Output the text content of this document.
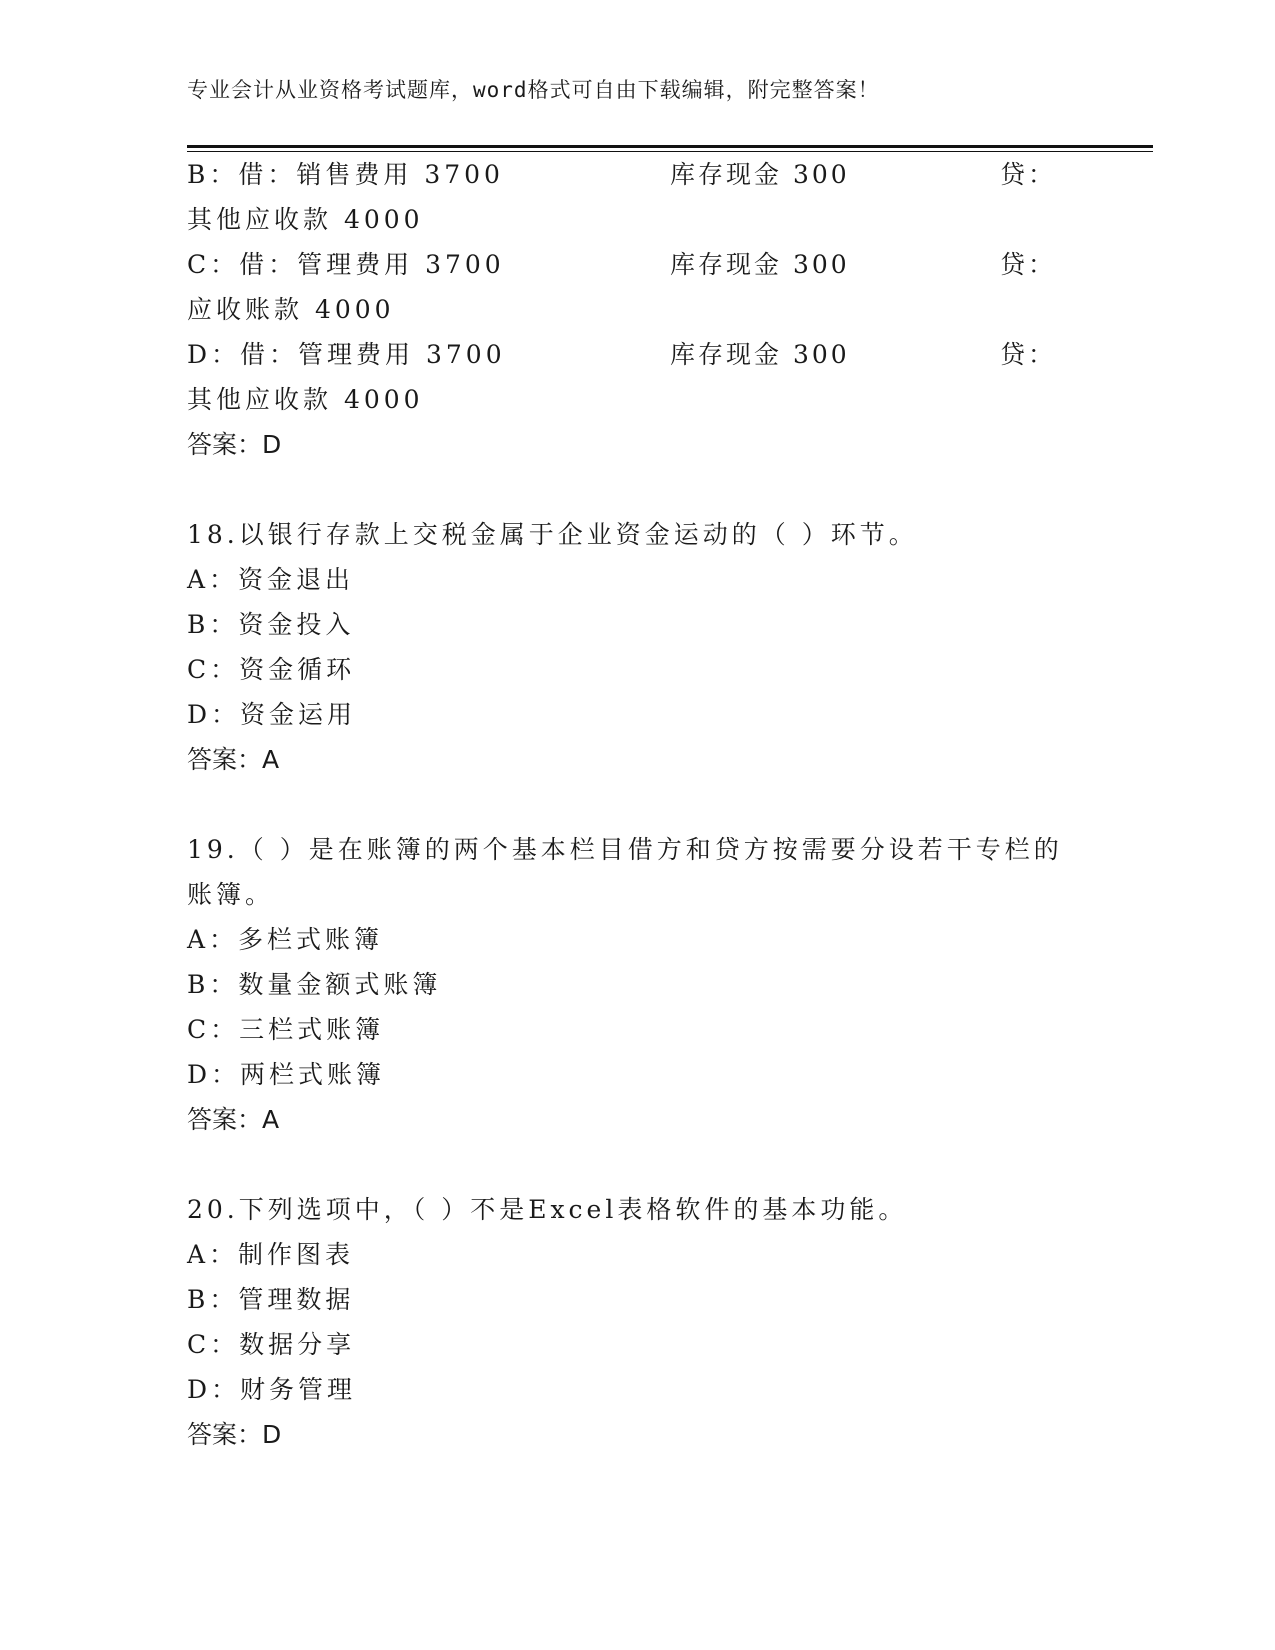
专业会计从业资格考试题库，word格式可自由下载编辑，附完整答案！
B：借：销售费用 3700	库存现金 300	贷：
其他应收款 4000
C：借：管理费用 3700	库存现金 300	贷：
应收账款 4000
D：借：管理费用 3700	库存现金 300	贷：
其他应收款 4000
答案：D
18.以银行存款上交税金属于企业资金运动的（ ）环节。
A：资金退出
B：资金投入
C：资金循环
D：资金运用
答案：A
19.（ ）是在账簿的两个基本栏目借方和贷方按需要分设若干专栏的
账簿。
A：多栏式账簿
B：数量金额式账簿
C：三栏式账簿
D：两栏式账簿
答案：A
20.下列选项中，（ ）不是Excel表格软件的基本功能。
A：制作图表
B：管理数据
C：数据分享
D：财务管理
答案：D
